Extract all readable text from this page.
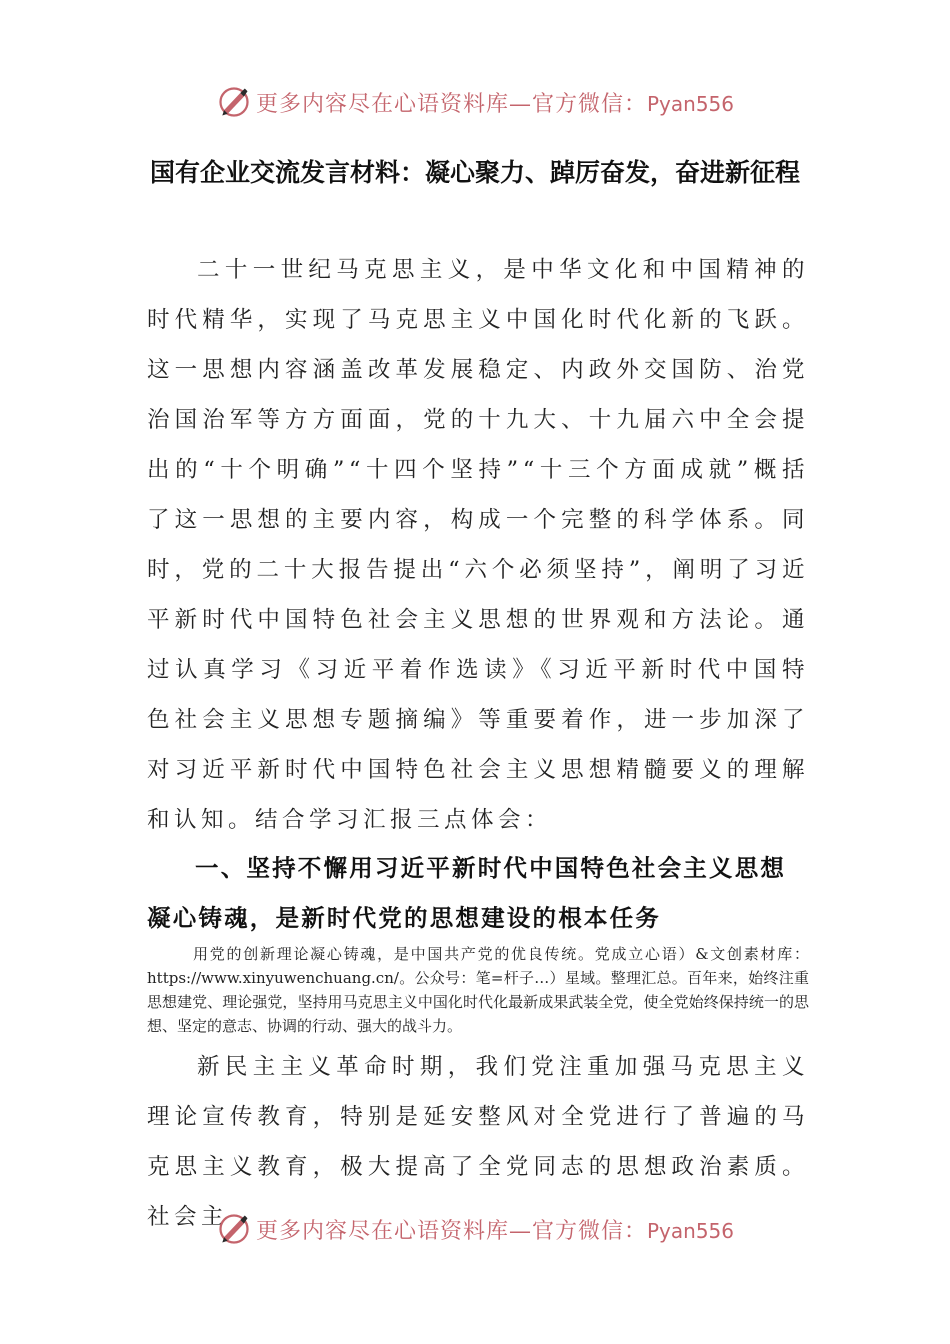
更多内容尽在心语资料库—官方微信：Pyan556
国有企业交流发言材料：凝心聚力、踔厉奋发，奋进新征程

二十一世纪马克思主义，是中华文化和中国精神的时代精华，实现了马克思主义中国化时代化新的飞跃。这一思想内容涵盖改革发展稳定、内政外交国防、治党治国治军等方方面面，党的十九大、十九届六中全会提出的“十个明确”“十四个坚持”“十三个方面成就”概括了这一思想的主要内容，构成一个完整的科学体系。同时，党的二十大报告提出“六个必须坚持”，阐明了习近平新时代中国特色社会主义思想的世界观和方法论。通过认真学习《习近平着作选读》《习近平新时代中国特色社会主义思想专题摘编》等重要着作，进一步加深了对习近平新时代中国特色社会主义思想精髓要义的理解和认知。结合学习汇报三点体会：

一、坚持不懈用习近平新时代中国特色社会主义思想凝心铸魂，是新时代党的思想建设的根本任务

用党的创新理论凝心铸魂，是中国共产党的优良传统。党成立心语）&文创素材库：https://www.xinyuwenchuang.cn/。公众号：笔=杆子…）星域。整理汇总。百年来，始终注重思想建党、理论强党，坚持用马克思主义中国化时代化最新成果武装全党，使全党始终保持统一的思想、坚定的意志、协调的行动、强大的战斗力。

新民主主义革命时期，我们党注重加强马克思主义理论宣传教育，特别是延安整风对全党进行了普遍的马克思主义教育，极大提高了全党同志的思想政治素质。社会主

更多内容尽在心语资料库—官方微信：Pyan556
